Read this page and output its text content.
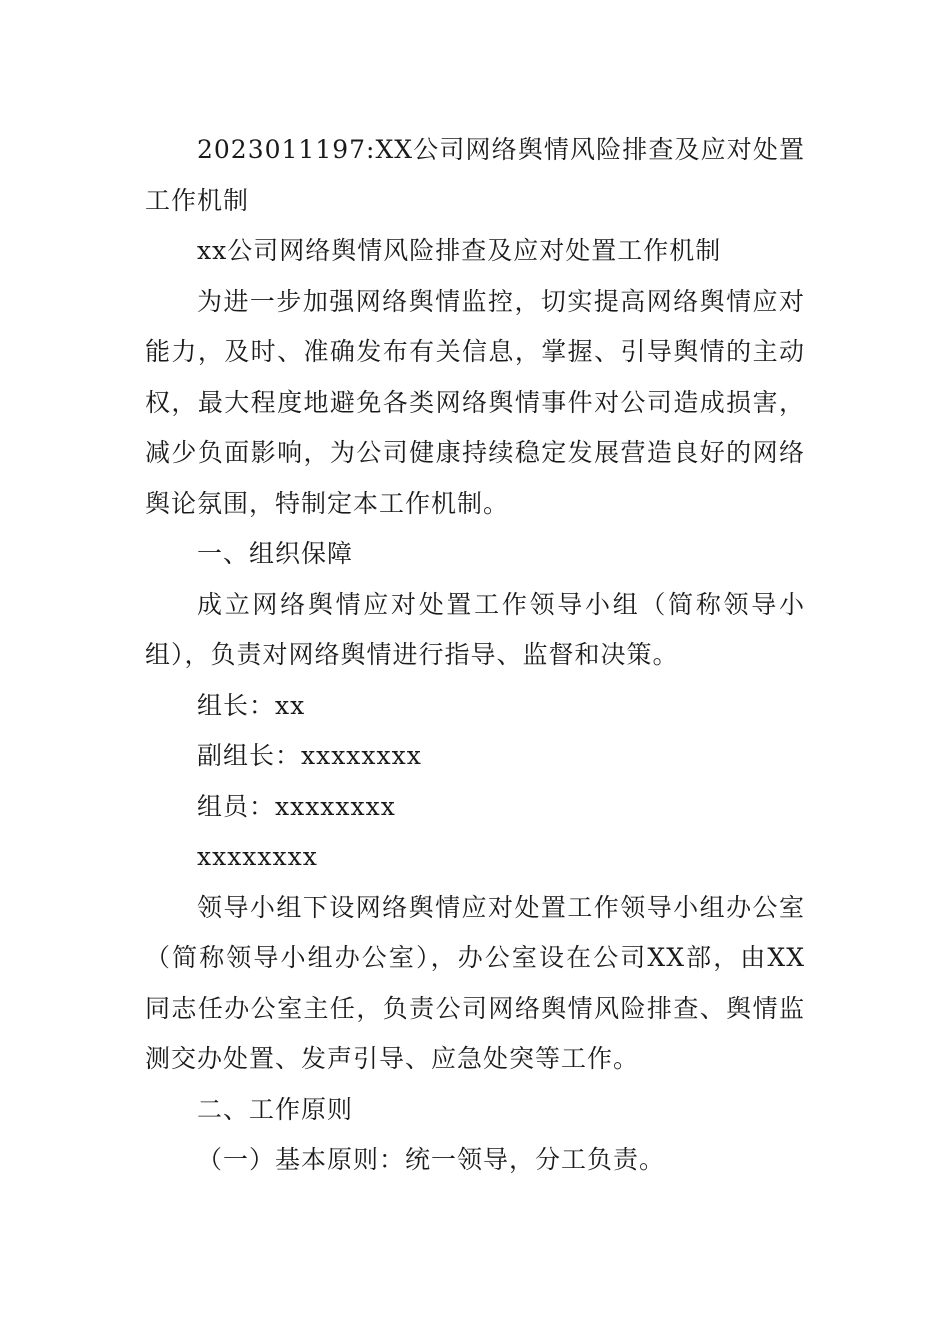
2023011197:XX公司网络舆情风险排查及应对处置工作机制

xx公司网络舆情风险排查及应对处置工作机制

为进一步加强网络舆情监控，切实提高网络舆情应对能力，及时、准确发布有关信息，掌握、引导舆情的主动权，最大程度地避免各类网络舆情事件对公司造成损害，减少负面影响，为公司健康持续稳定发展营造良好的网络舆论氛围，特制定本工作机制。

一、组织保障

成立网络舆情应对处置工作领导小组（简称领导小组），负责对网络舆情进行指导、监督和决策。

组长：xx

副组长：xxxxxxxx

组员：xxxxxxxx

xxxxxxxx

领导小组下设网络舆情应对处置工作领导小组办公室（简称领导小组办公室），办公室设在公司XX部，由XX同志任办公室主任，负责公司网络舆情风险排查、舆情监测交办处置、发声引导、应急处突等工作。

二、工作原则

（一）基本原则：统一领导，分工负责。
